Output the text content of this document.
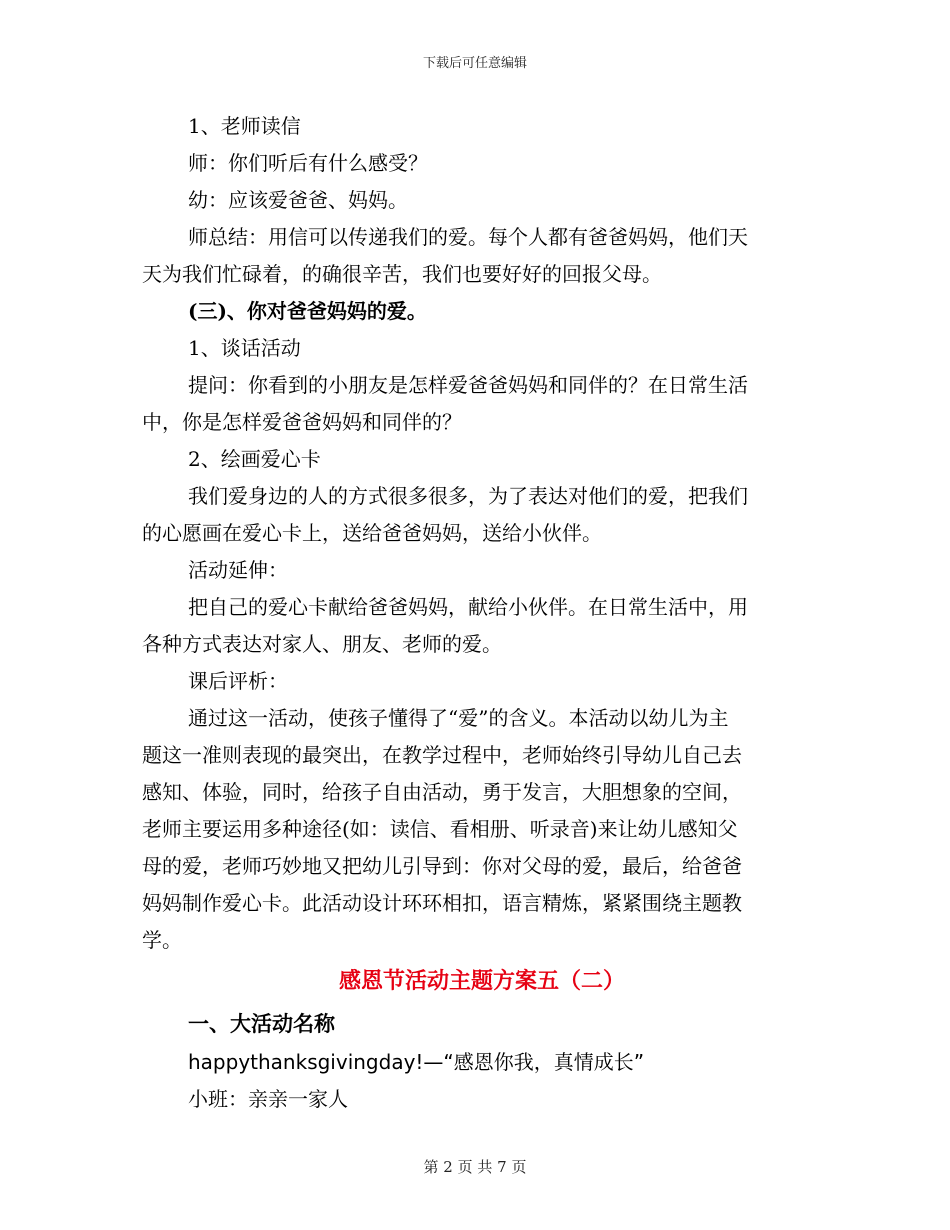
下载后可任意编辑
1、老师读信
师：你们听后有什么感受？
幼：应该爱爸爸、妈妈。
师总结：用信可以传递我们的爱。每个人都有爸爸妈妈，他们天
天为我们忙碌着，的确很辛苦，我们也要好好的回报父母。
(三)、你对爸爸妈妈的爱。
1、谈话活动
提问：你看到的小朋友是怎样爱爸爸妈妈和同伴的？在日常生活
中，你是怎样爱爸爸妈妈和同伴的？
2、绘画爱心卡
我们爱身边的人的方式很多很多，为了表达对他们的爱，把我们
的心愿画在爱心卡上，送给爸爸妈妈，送给小伙伴。
活动延伸：
把自己的爱心卡献给爸爸妈妈，献给小伙伴。在日常生活中，用
各种方式表达对家人、朋友、老师的爱。
课后评析：
通过这一活动，使孩子懂得了“爱”的含义。本活动以幼儿为主
题这一准则表现的最突出，在教学过程中，老师始终引导幼儿自己去
感知、体验，同时，给孩子自由活动，勇于发言，大胆想象的空间，
老师主要运用多种途径(如：读信、看相册、听录音)来让幼儿感知父
母的爱，老师巧妙地又把幼儿引导到：你对父母的爱，最后，给爸爸
妈妈制作爱心卡。此活动设计环环相扣，语言精炼，紧紧围绕主题教
学。
感恩节活动主题方案五（二）
一、大活动名称
happythanksgivingday!—“感恩你我，真情成长”
小班：亲亲一家人
第 2 页 共 7 页
